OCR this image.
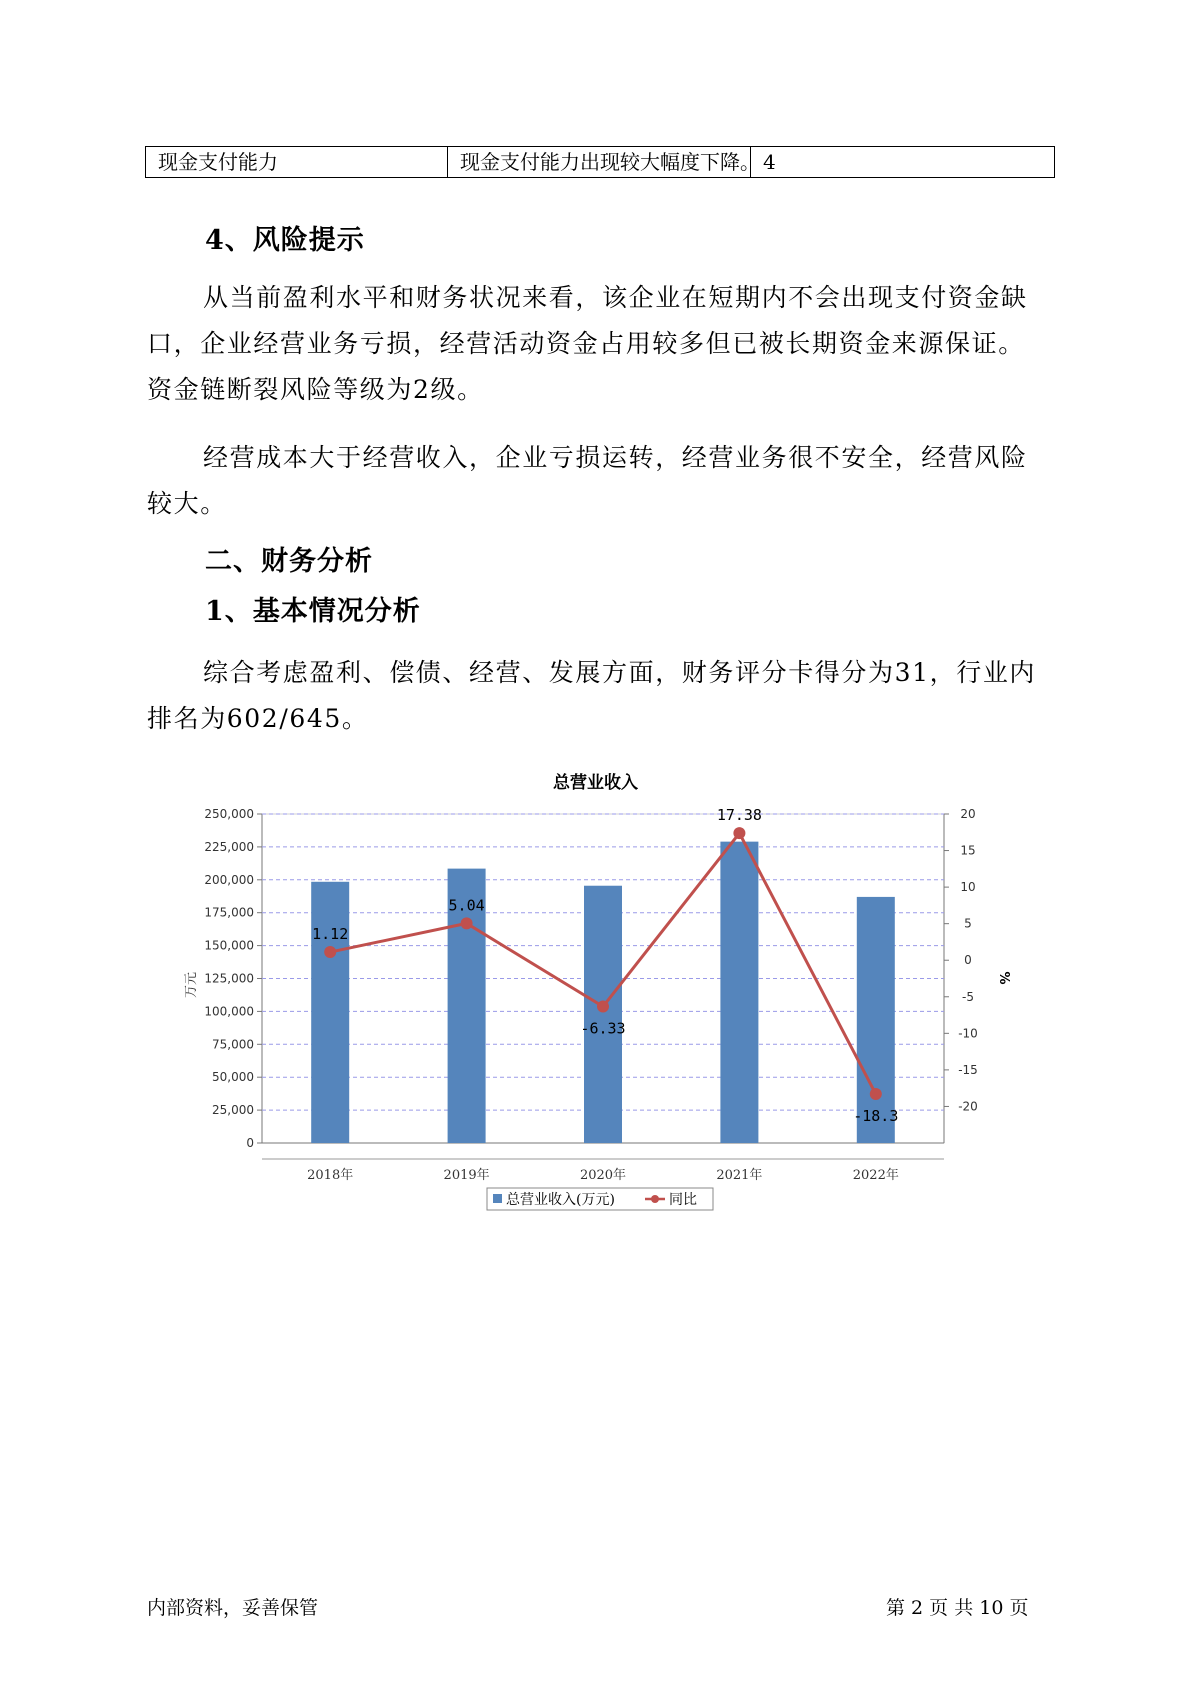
现金支付能力	现金支付能力出现较大幅度下降。 4
4、风险提示

从当前盈利水平和财务状况来看，该企业在短期内不会出现支付资金缺口，企业经营业务亏损，经营活动资金占用较多但已被长期资金来源保证。资金链断裂风险等级为2级。

经营成本大于经营收入，企业亏损运转，经营业务很不安全，经营风险较大。

二、财务分析
1、基本情况分析

综合考虑盈利、偿债、经营、发展方面，财务评分卡得分为31，行业内排名为602/645。

总营业收入
0
25,000
50,000
75,000
100,000
125,000
150,000
175,000
200,000
225,000
250,000
-20
-15
-10
-5
0
5
10
15
20
万元	%
2018年	2019年	2020年	2021年	2022年
1.12
5.04
-6.33
17.38
-18.3
总营业收入(万元)	同比
内部资料，妥善保管	第 2 页 共 10 页
